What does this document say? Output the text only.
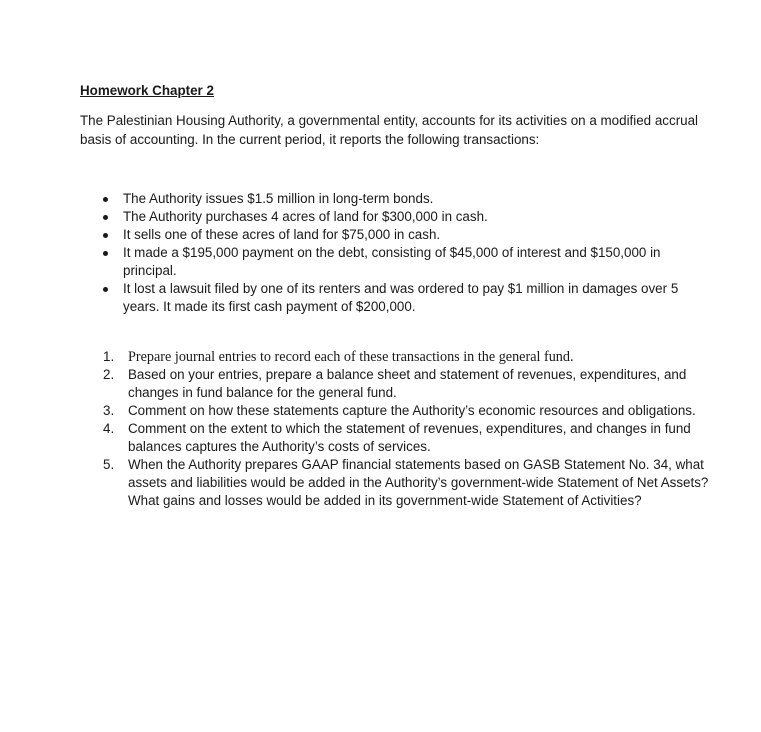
Homework Chapter 2

The Palestinian Housing Authority, a governmental entity, accounts for its activities on a modified accrual basis of accounting. In the current period, it reports the following transactions:

The Authority issues $1.5 million in long-term bonds.
The Authority purchases 4 acres of land for $300,000 in cash.
It sells one of these acres of land for $75,000 in cash.
It made a $195,000 payment on the debt, consisting of $45,000 of interest and $150,000 in principal.
It lost a lawsuit filed by one of its renters and was ordered to pay $1 million in damages over 5 years. It made its first cash payment of $200,000.
1. Prepare journal entries to record each of these transactions in the general fund.
2. Based on your entries, prepare a balance sheet and statement of revenues, expenditures, and changes in fund balance for the general fund.
3. Comment on how these statements capture the Authority’s economic resources and obligations.
4. Comment on the extent to which the statement of revenues, expenditures, and changes in fund balances captures the Authority’s costs of services.
5. When the Authority prepares GAAP financial statements based on GASB Statement No. 34, what assets and liabilities would be added in the Authority’s government-wide Statement of Net Assets? What gains and losses would be added in its government-wide Statement of Activities?
